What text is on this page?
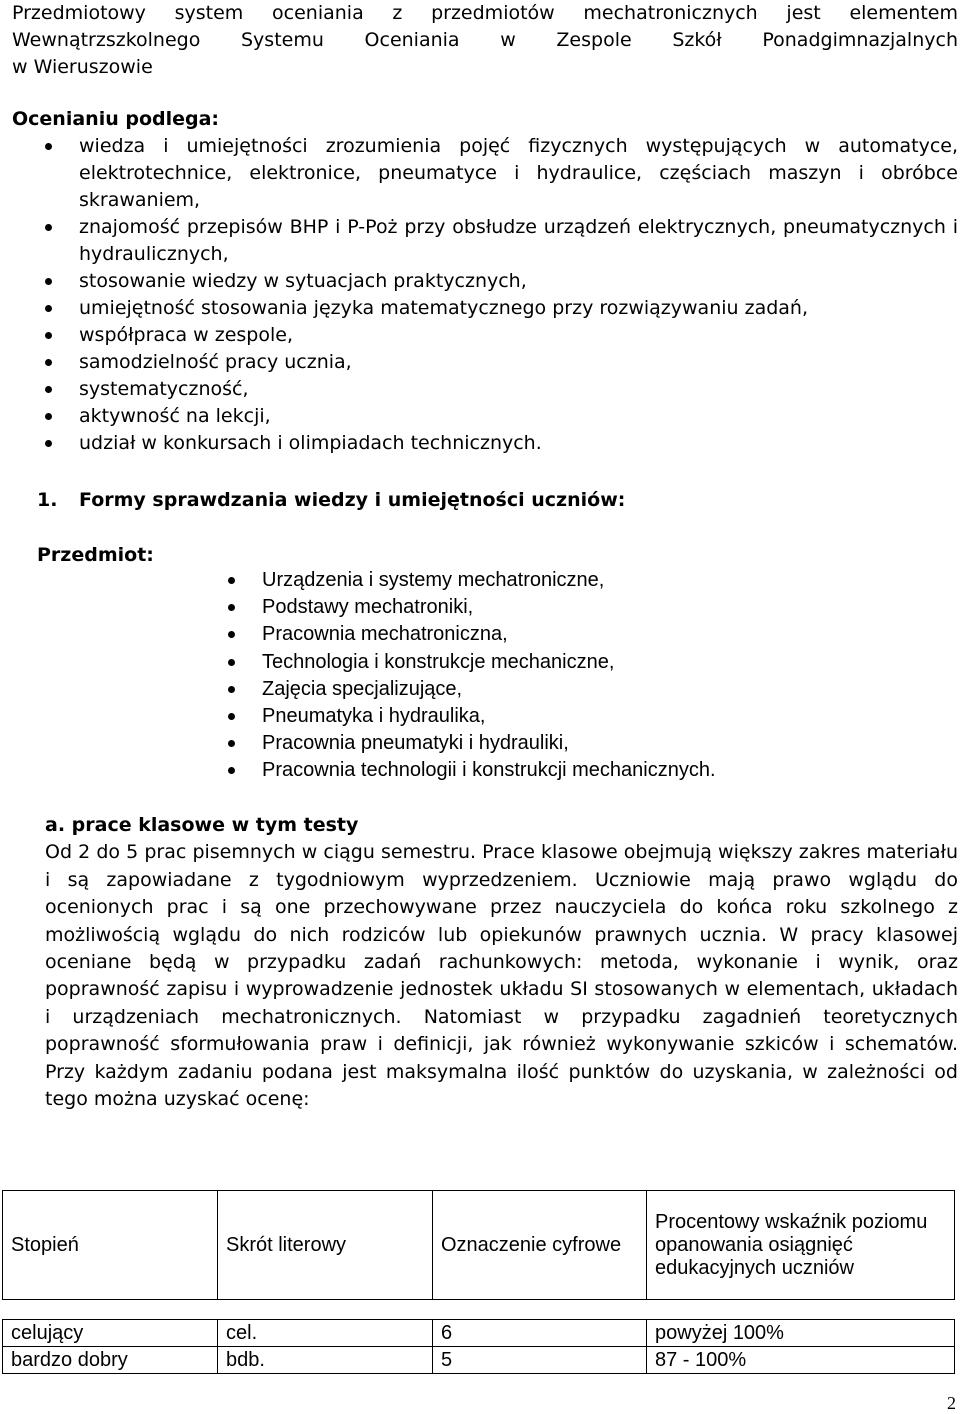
Przedmiotowy system oceniania z przedmiotów mechatronicznych jest elementem
Wewnątrzszkolnego Systemu Oceniania w Zespole Szkół Ponadgimnazjalnych
w Wieruszowie
Ocenianiu podlega:
wiedza i umiejętności zrozumienia pojęć fizycznych występujących w automatyce, elektrotechnice, elektronice, pneumatyce i hydraulice, częściach maszyn i obróbce skrawaniem,
znajomość przepisów BHP i P-Poż przy obsłudze urządzeń elektrycznych, pneumatycznych i hydraulicznych,
stosowanie wiedzy w sytuacjach praktycznych,
umiejętność stosowania języka matematycznego przy rozwiązywaniu zadań,
współpraca w zespole,
samodzielność pracy ucznia,
systematyczność,
aktywność na lekcji,
udział w konkursach i olimpiadach technicznych.
1. Formy sprawdzania wiedzy i umiejętności uczniów:
Przedmiot:
Urządzenia i systemy mechatroniczne,
Podstawy mechatroniki,
Pracownia mechatroniczna,
Technologia i konstrukcje mechaniczne,
Zajęcia specjalizujące,
Pneumatyka i hydraulika,
Pracownia pneumatyki i hydrauliki,
Pracownia technologii i konstrukcji mechanicznych.
a. prace klasowe w tym testy

Od 2 do 5 prac pisemnych w ciągu semestru. Prace klasowe obejmują większy zakres materiału i są zapowiadane z tygodniowym wyprzedzeniem. Uczniowie mają prawo wglądu do ocenionych prac i są one przechowywane przez nauczyciela do końca roku szkolnego z możliwością wglądu do nich rodziców lub opiekunów prawnych ucznia. W pracy klasowej oceniane będą w przypadku zadań rachunkowych: metoda, wykonanie i wynik, oraz poprawność zapisu i wyprowadzenie jednostek układu SI stosowanych w elementach, układach i urządzeniach mechatronicznych. Natomiast w przypadku zagadnień teoretycznych poprawność sformułowania praw i definicji, jak również wykonywanie szkiców i schematów. Przy każdym zadaniu podana jest maksymalna ilość punktów do uzyskania, w zależności od tego można uzyskać ocenę:

Stopień	Skrót literowy	Oznaczenie cyfrowe	Procentowy wskaźnik poziomu opanowania osiągnięć edukacyjnych uczniów

celujący	cel.	6	powyżej 100%
bardzo dobry	bdb.	5	87 - 100%
2
